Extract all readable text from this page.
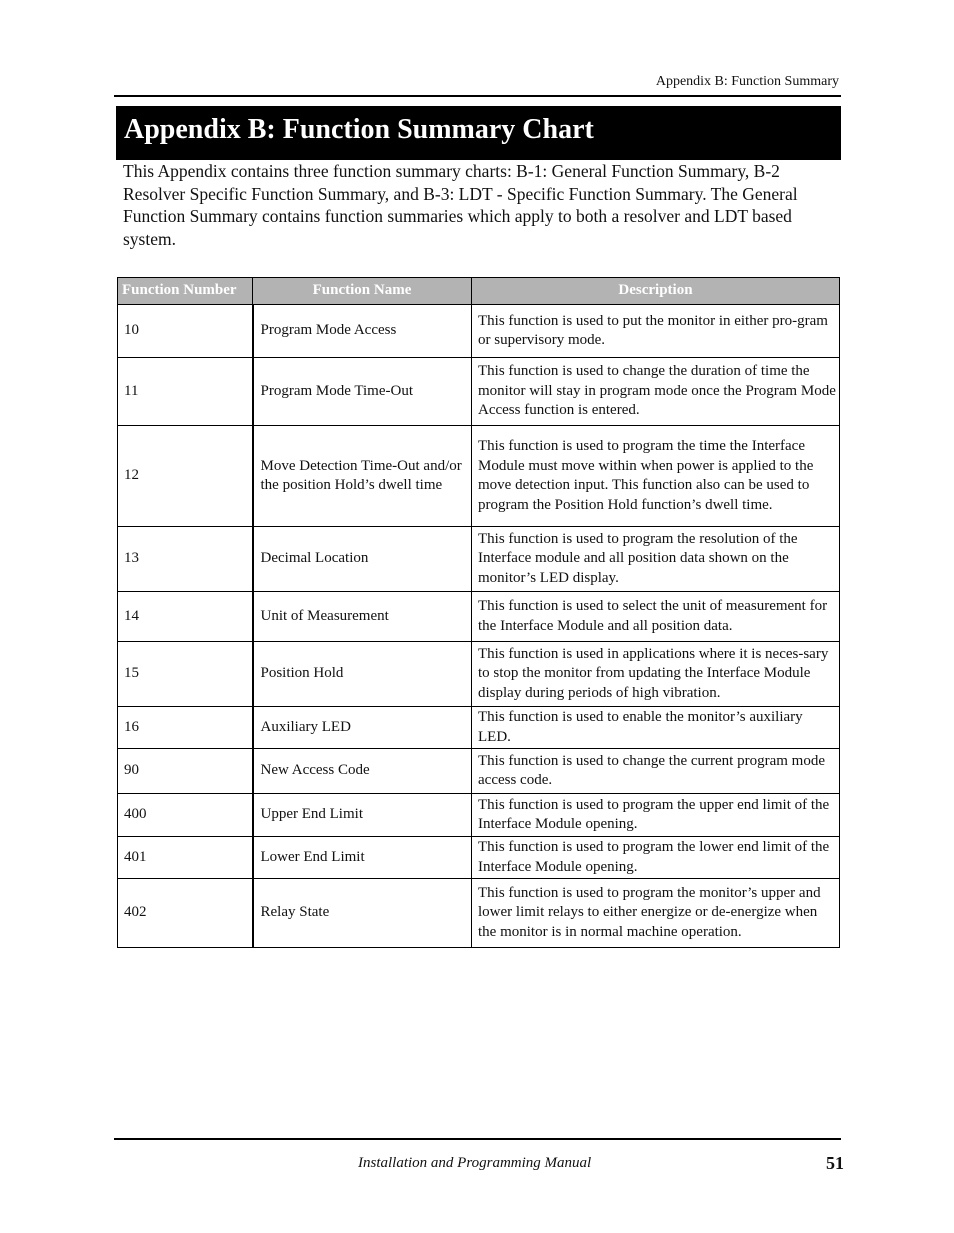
Appendix B: Function Summary
Appendix B: Function Summary Chart
This Appendix contains three function summary charts: B-1: General Function Summary, B-2 Resolver Specific Function Summary, and B-3: LDT - Specific Function Summary. The General Function Summary contains function summaries which apply to both a resolver and LDT based system.
Function Number	Function Name	Description
10	Program Mode Access	This function is used to put the monitor in either pro-gram or supervisory mode.
11	Program Mode Time-Out	This function is used to change the duration of time the monitor will stay in program mode once the Program Mode Access function is entered.
12	Move Detection Time-Out and/or the position Hold’s dwell time	This function is used to program the time the Interface Module must move within when power is applied to the move detection input. This function also can be used to program the Position Hold function’s dwell time.
13	Decimal Location	This function is used to program the resolution of the Interface module and all position data shown on the monitor’s LED display.
14	Unit of Measurement	This function is used to select the unit of measurement for the Interface Module and all position data.
15	Position Hold	This function is used in applications where it is neces-sary to stop the monitor from updating the Interface Module display during periods of high vibration.
16	Auxiliary LED	This function is used to enable the monitor’s auxiliary LED.
90	New Access Code	This function is used to change the current program mode access code.
400	Upper End Limit	This function is used to program the upper end limit of the Interface Module opening.
401	Lower End Limit	This function is used to program the lower end limit of the Interface Module opening.
402	Relay State	This function is used to program the monitor’s upper and lower limit relays to either energize or de-energize when the monitor is in normal machine operation.
Installation and Programming Manual	51
